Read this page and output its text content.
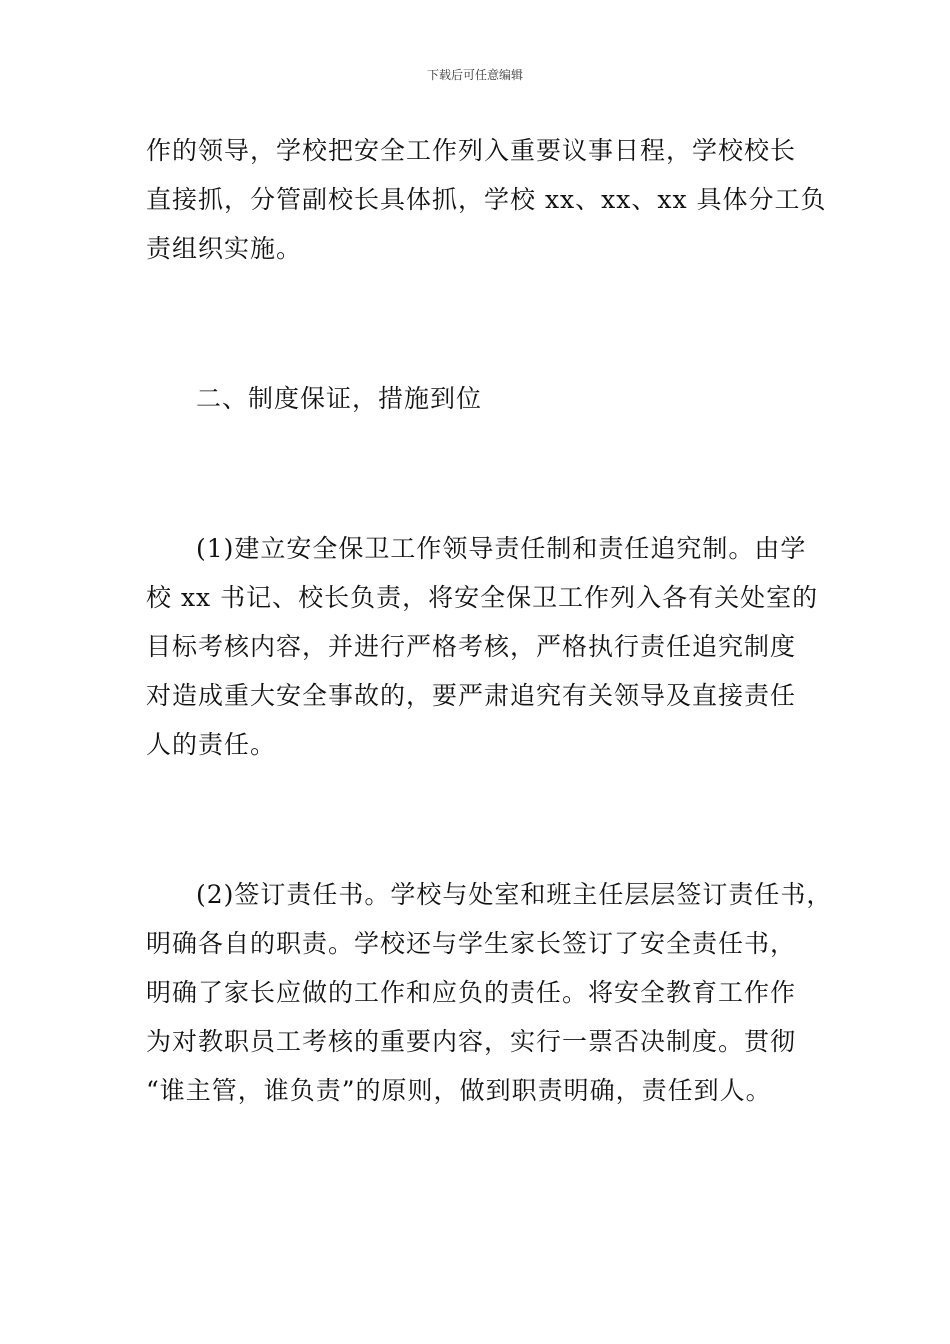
下载后可任意编辑
作的领导，学校把安全工作列入重要议事日程，学校校长
直接抓，分管副校长具体抓，学校 xx、xx、xx 具体分工负
责组织实施。
二、制度保证，措施到位
(1)建立安全保卫工作领导责任制和责任追究制。由学
校 xx 书记、校长负责，将安全保卫工作列入各有关处室的
目标考核内容，并进行严格考核，严格执行责任追究制度
对造成重大安全事故的，要严肃追究有关领导及直接责任
人的责任。
(2)签订责任书。学校与处室和班主任层层签订责任书，
明确各自的职责。学校还与学生家长签订了安全责任书，
明确了家长应做的工作和应负的责任。将安全教育工作作
为对教职员工考核的重要内容，实行一票否决制度。贯彻
“谁主管，谁负责”的原则，做到职责明确，责任到人。
